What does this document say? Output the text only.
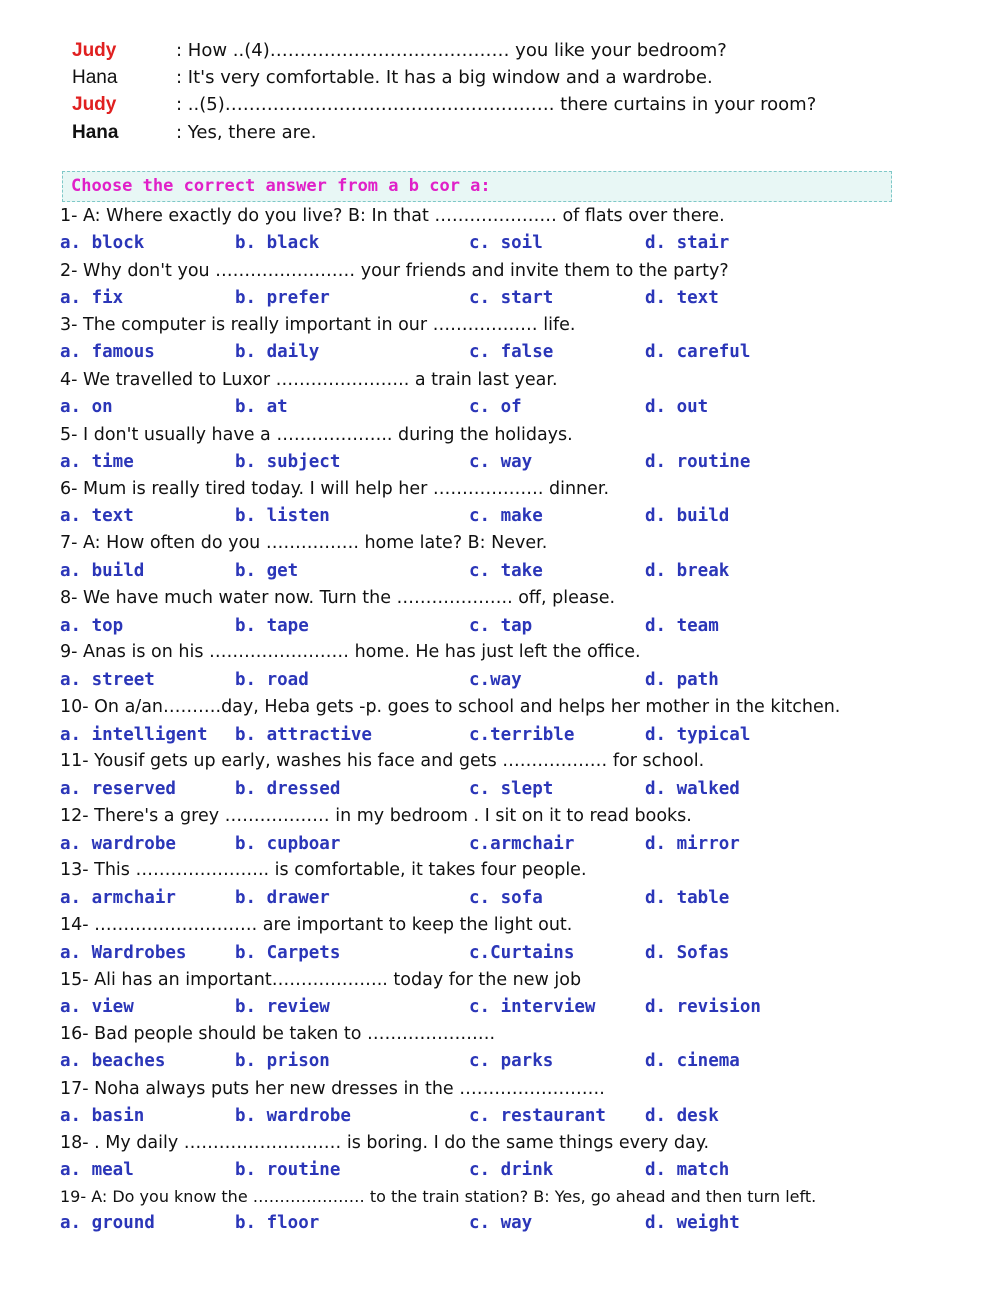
Judy	: How ..(4)…………………….…………… you like your bedroom?
Hana	: It's very comfortable. It has a big window and a wardrobe.
Judy	: ..(5)………………………………………………. there curtains in your room?
Hana	: Yes, there are.
Choose the correct answer from a b cor a:
1- A: Where exactly do you live? B: In that ………………… of flats over there.
a. block	b. black	c. soil	d. stair
2- Why don't you …………………… your friends and invite them to the party?
a. fix	b. prefer	c. start	d. text
3- The computer is really important in our ……………… life.
a. famous	b. daily	c. false	d. careful
4- We travelled to Luxor ………………….. a train last year.
a. on	b. at	c. of	d. out
5- I don't usually have a ……………….. during the holidays.
a. time	b. subject	c. way	d. routine
6- Mum is really tired today. I will help her ………………. dinner.
a. text	b. listen	c. make	d. build
7- A: How often do you ……………. home late? B: Never.
a. build	b. get	c. take	d. break
8- We have much water now. Turn the ……………….. off, please.
a. top	b. tape	c. tap	d. team
9- Anas is on his …………………… home. He has just left the office.
a. street	b. road	c.way	d. path
10- On a/an……….day, Heba gets -p. goes to school and helps her mother in the kitchen.
a. intelligent b. attractive	c.terrible	d. typical
11- Yousif gets up early, washes his face and gets ……………… for school.
a. reserved	b. dressed	c. slept	d. walked
12- There's a grey ……………… in my bedroom . I sit on it to read books.
a. wardrobe	b. cupboar	c.armchair	d. mirror
13- This ………………….. is comfortable, it takes four people.
a. armchair	b. drawer	c. sofa	d. table
14- ………………………. are important to keep the light out.
a. Wardrobes	b. Carpets	c.Curtains	d. Sofas
15- Ali has an important……………….. today for the new job
a. view	b. review	c. interview	d. revision
16- Bad people should be taken to ………………….
a. beaches	b. prison	c. parks	d. cinema
17- Noha always puts her new dresses in the …………………….
a. basin	b. wardrobe	c. restaurant d. desk
18- . My daily ……………………… is boring. I do the same things every day.
a. meal	b. routine	c. drink	d. match
19- A: Do you know the ………………… to the train station? B: Yes, go ahead and then turn left.
a. ground	b. floor	c. way	d. weight
